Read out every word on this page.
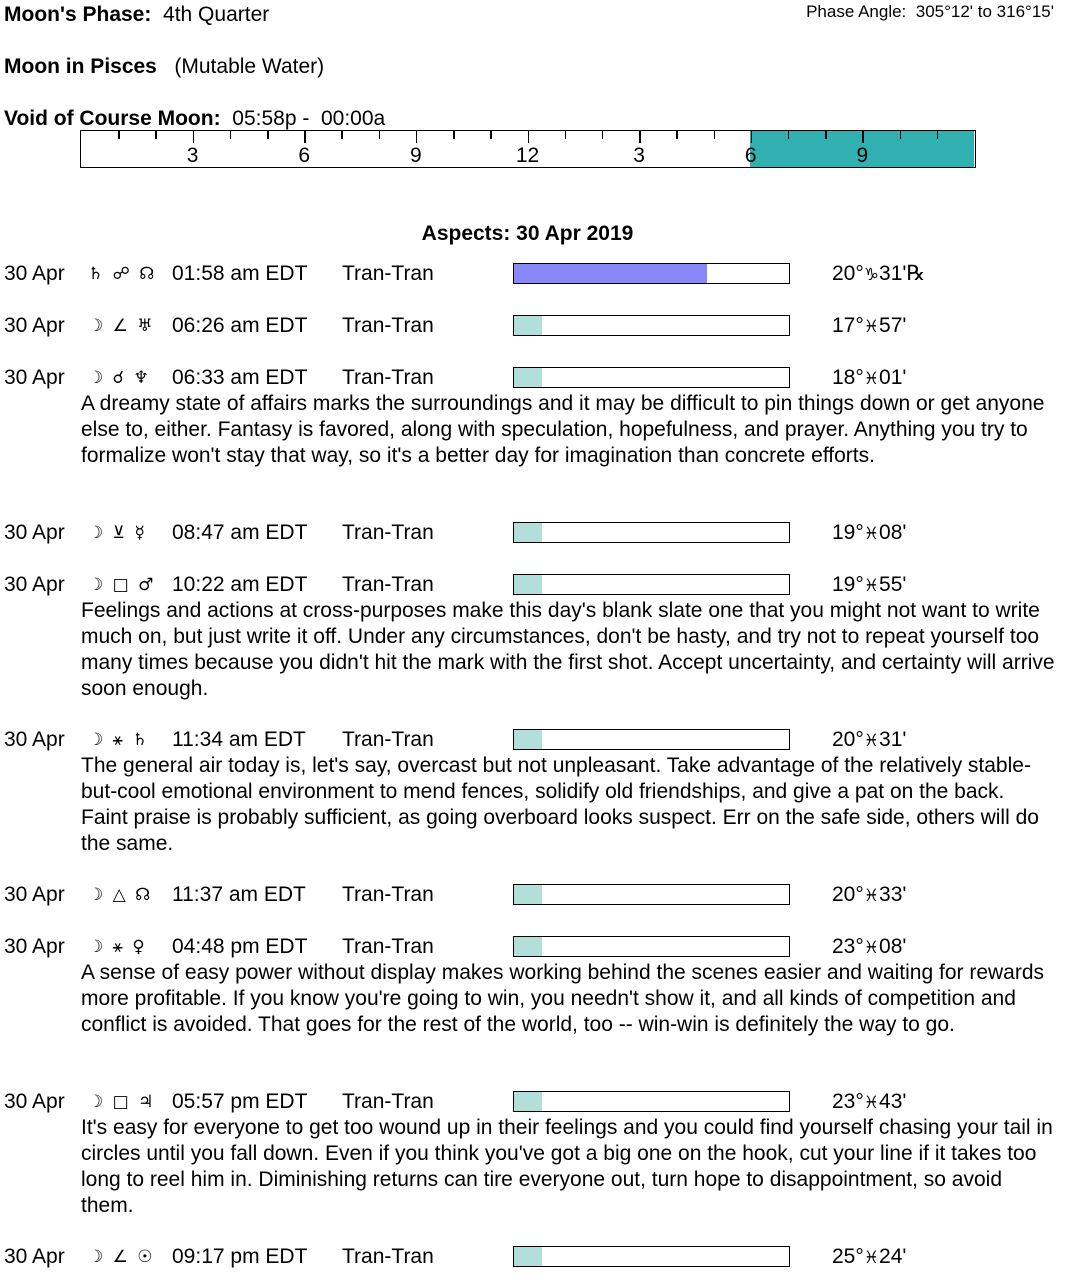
Moon's Phase: 4th Quarter	Phase Angle: 305°12' to 316°15'
Moon in Pisces (Mutable Water)
Void of Course Moon: 05:58p -  00:00a
3	6	9	12	3	6	9
Aspects: 30 Apr 2019
30 Apr ♄ ☍ ☊ 01:58 am EDT Tran-Tran	20°♑31'℞
30 Apr ☽ ∠ ♅ 06:26 am EDT Tran-Tran	17°♓57'
30 Apr ☽ ☌ ♆ 06:33 am EDT Tran-Tran	18°♓01'
A dreamy state of affairs marks the surroundings and it may be difficult to pin things down or get anyone else to, either. Fantasy is favored, along with speculation, hopefulness, and prayer. Anything you try to formalize won't stay that way, so it's a better day for imagination than concrete efforts.
30 Apr ☽ ⊻ ☿ 08:47 am EDT Tran-Tran	19°♓08'
30 Apr ☽ □ ♂ 10:22 am EDT Tran-Tran	19°♓55'
Feelings and actions at cross-purposes make this day's blank slate one that you might not want to write much on, but just write it off. Under any circumstances, don't be hasty, and try not to repeat yourself too many times because you didn't hit the mark with the first shot. Accept uncertainty, and certainty will arrive soon enough.
30 Apr ☽ ⚹ ♄ 11:34 am EDT Tran-Tran	20°♓31'
The general air today is, let's say, overcast but not unpleasant. Take advantage of the relatively stable-but-cool emotional environment to mend fences, solidify old friendships, and give a pat on the back. Faint praise is probably sufficient, as going overboard looks suspect. Err on the safe side, others will do the same.
30 Apr ☽ △ ☊ 11:37 am EDT Tran-Tran	20°♓33'
30 Apr ☽ ⚹ ♀ 04:48 pm EDT Tran-Tran	23°♓08'
A sense of easy power without display makes working behind the scenes easier and waiting for rewards more profitable. If you know you're going to win, you needn't show it, and all kinds of competition and conflict is avoided. That goes for the rest of the world, too -- win-win is definitely the way to go.
30 Apr ☽ □ ♃ 05:57 pm EDT Tran-Tran	23°♓43'
It's easy for everyone to get too wound up in their feelings and you could find yourself chasing your tail in circles until you fall down. Even if you think you've got a big one on the hook, cut your line if it takes too long to reel him in. Diminishing returns can tire everyone out, turn hope to disappointment, so avoid them.
30 Apr ☽ ∠ ☉ 09:17 pm EDT Tran-Tran	25°♓24'
